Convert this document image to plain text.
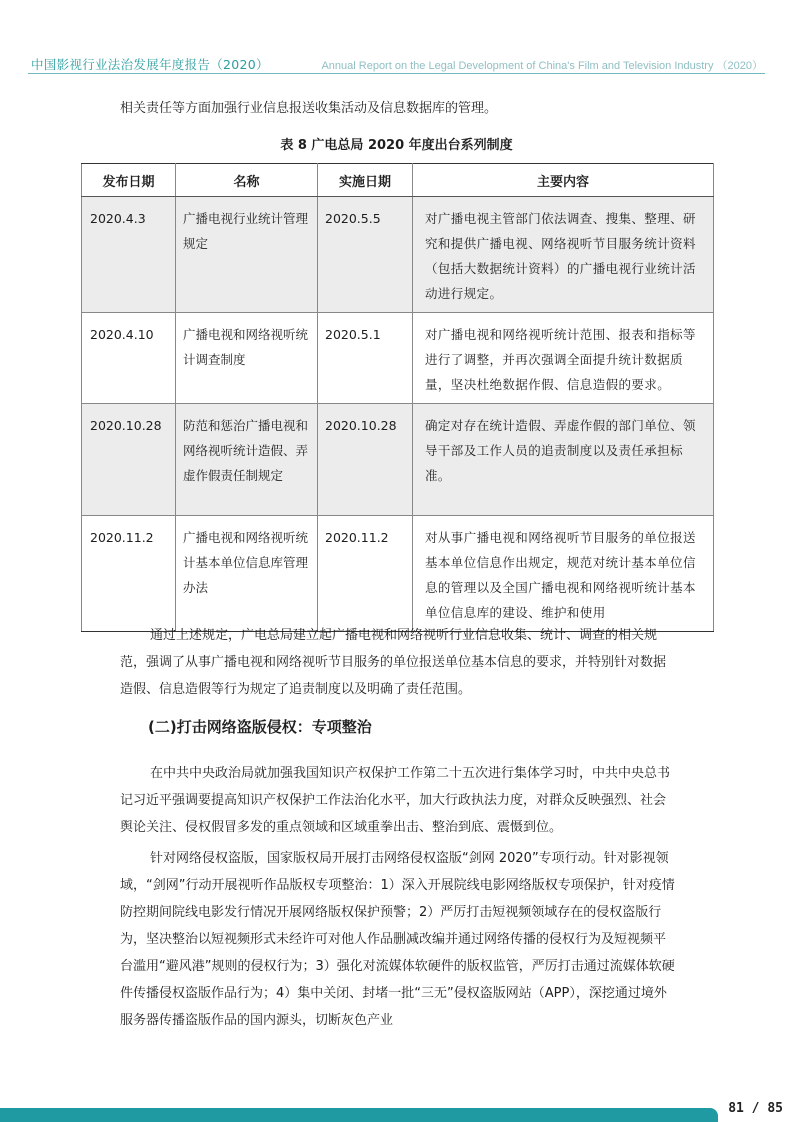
中国影视行业法治发展年度报告（2020）	Annual Report on the Legal Development of China's Film and Television Industry （2020）

相关责任等方面加强行业信息报送收集活动及信息数据库的管理。

表 8 广电总局 2020 年度出台系列制度
发布日期	名称	实施日期	主要内容
2020.4.3	广播电视行业统计管理规定	2020.5.5	对广播电视主管部门依法调查、搜集、整理、研究和提供广播电视、网络视听节目服务统计资料（包括大数据统计资料）的广播电视行业统计活动进行规定。
2020.4.10	广播电视和网络视听统计调查制度	2020.5.1	对广播电视和网络视听统计范围、报表和指标等进行了调整，并再次强调全面提升统计数据质量，坚决杜绝数据作假、信息造假的要求。
2020.10.28	防范和惩治广播电视和网络视听统计造假、弄虚作假责任制规定	2020.10.28	确定对存在统计造假、弄虚作假的部门单位、领导干部及工作人员的追责制度以及责任承担标准。
2020.11.2	广播电视和网络视听统计基本单位信息库管理办法	2020.11.2	对从事广播电视和网络视听节目服务的单位报送基本单位信息作出规定，规范对统计基本单位信息的管理以及全国广播电视和网络视听统计基本单位信息库的建设、维护和使用

通过上述规定，广电总局建立起广播电视和网络视听行业信息收集、统计、调查的相关规范，强调了从事广播电视和网络视听节目服务的单位报送单位基本信息的要求，并特别针对数据造假、信息造假等行为规定了追责制度以及明确了责任范围。

(二)打击网络盗版侵权：专项整治

在中共中央政治局就加强我国知识产权保护工作第二十五次进行集体学习时，中共中央总书记习近平强调要提高知识产权保护工作法治化水平，加大行政执法力度，对群众反映强烈、社会舆论关注、侵权假冒多发的重点领域和区域重拳出击、整治到底、震慑到位。

针对网络侵权盗版，国家版权局开展打击网络侵权盗版“剑网 2020”专项行动。针对影视领域，“剑网”行动开展视听作品版权专项整治：1）深入开展院线电影网络版权专项保护，针对疫情防控期间院线电影发行情况开展网络版权保护预警；2）严厉打击短视频领域存在的侵权盗版行为，坚决整治以短视频形式未经许可对他人作品删减改编并通过网络传播的侵权行为及短视频平台滥用“避风港”规则的侵权行为；3）强化对流媒体软硬件的版权监管，严厉打击通过流媒体软硬件传播侵权盗版作品行为；4）集中关闭、封堵一批“三无”侵权盗版网站（APP），深挖通过境外服务器传播盗版作品的国内源头，切断灰色产业

81 / 85
